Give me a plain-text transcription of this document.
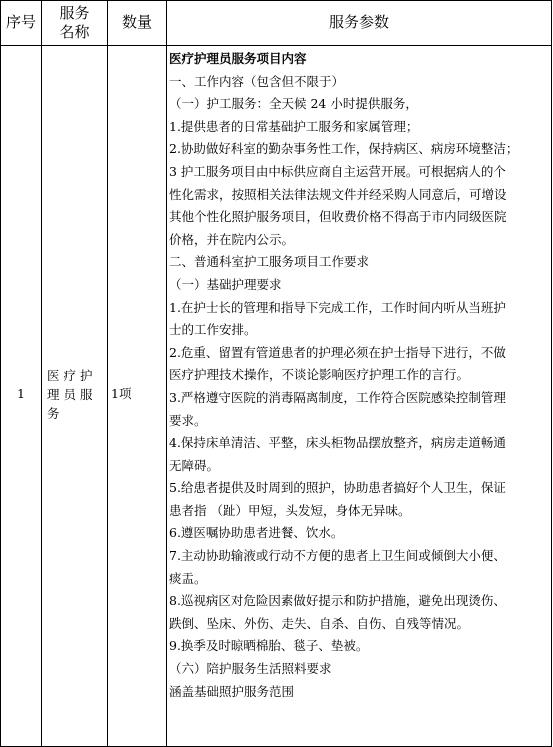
序号	服务
名称
数量	服务参数
1
医 疗 护
理 员 服
务
1项
医疗护理员服务项目内容
一、工作内容（包含但不限于）
（一）护工服务：全天候 24 小时提供服务，
1.提供患者的日常基础护工服务和家属管理；
2.协助做好科室的勤杂事务性工作，保持病区、病房环境整洁；
3 护工服务项目由中标供应商自主运营开展。可根据病人的个
性化需求，按照相关法律法规文件并经采购人同意后，可增设
其他个性化照护服务项目，但收费价格不得高于市内同级医院
价格，并在院内公示。
二、普通科室护工服务项目工作要求
（一）基础护理要求
1.在护士长的管理和指导下完成工作，工作时间内听从当班护
士的工作安排。
2.危重、留置有管道患者的护理必须在护士指导下进行，不做
医疗护理技术操作，不谈论影响医疗护理工作的言行。
3.严格遵守医院的消毒隔离制度，工作符合医院感染控制管理
要求。
4.保持床单清洁、平整，床头柜物品摆放整齐，病房走道畅通
无障碍。
5.给患者提供及时周到的照护，协助患者搞好个人卫生，保证
患者指 （趾）甲短，头发短，身体无异味。
6.遵医嘱协助患者进餐、饮水。
7.主动协助输液或行动不方便的患者上卫生间或倾倒大小便、
痰盂。
8.巡视病区对危险因素做好提示和防护措施，避免出现烫伤、
跌倒、坠床、外伤、走失、自杀、自伤、自残等情况。
9.换季及时晾晒棉胎、毯子、垫被。
（六）陪护服务生活照料要求
涵盖基础照护服务范围
